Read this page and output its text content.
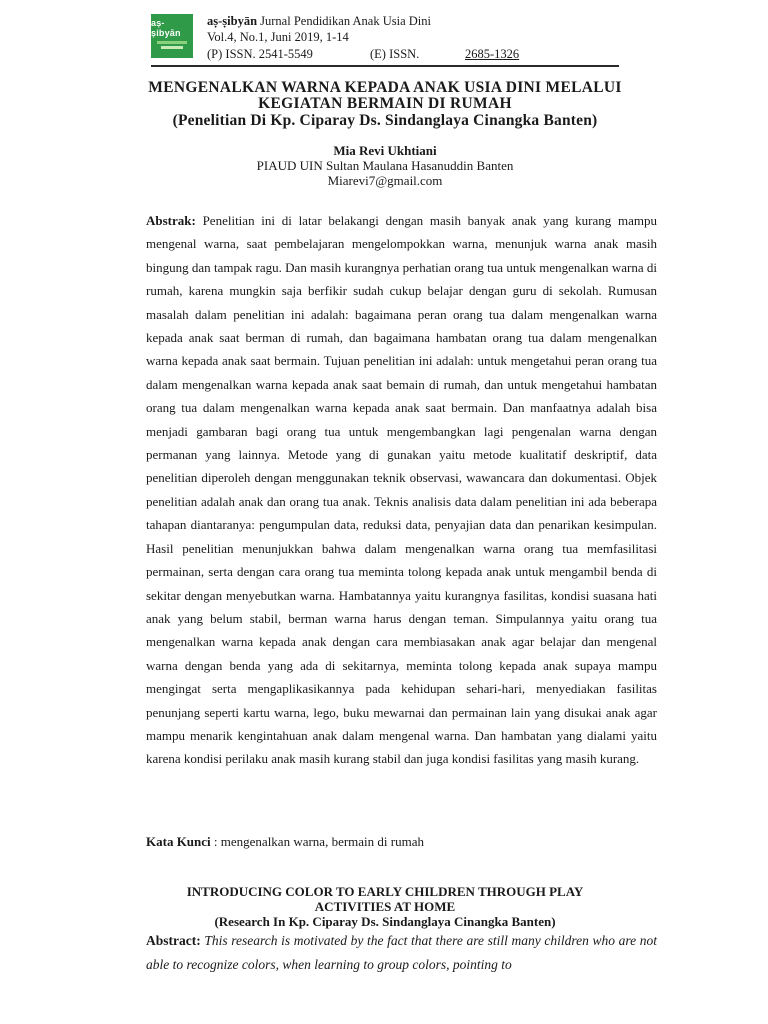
aṣ-ṣibyān
aṣ-ṣibyān Jurnal Pendidikan Anak Usia Dini
Vol.4, No.1, Juni 2019, 1-14
(P) ISSN. 2541-5549	(E) ISSN.	2685-1326
MENGENALKAN WARNA KEPADA ANAK USIA DINI MELALUI
KEGIATAN BERMAIN DI RUMAH
(Penelitian Di Kp. Ciparay Ds. Sindanglaya Cinangka Banten)
Mia Revi Ukhtiani
PIAUD UIN Sultan Maulana Hasanuddin Banten
Miarevi7@gmail.com
Abstrak: Penelitian ini di latar belakangi dengan masih banyak anak yang kurang mampu mengenal warna, saat pembelajaran mengelompokkan warna, menunjuk warna anak masih bingung dan tampak ragu. Dan masih kurangnya perhatian orang tua untuk mengenalkan warna di rumah, karena mungkin saja berfikir sudah cukup belajar dengan guru di sekolah. Rumusan masalah dalam penelitian ini adalah: bagaimana peran orang tua dalam mengenalkan warna kepada anak saat berman di rumah, dan bagaimana hambatan orang tua dalam mengenalkan warna kepada anak saat bermain. Tujuan penelitian ini adalah: untuk mengetahui peran orang tua dalam mengenalkan warna kepada anak saat bemain di rumah, dan untuk mengetahui hambatan orang tua dalam mengenalkan warna kepada anak saat bermain. Dan manfaatnya adalah bisa menjadi gambaran bagi orang tua untuk mengembangkan lagi pengenalan warna dengan permanan yang lainnya. Metode yang di gunakan yaitu metode kualitatif deskriptif, data penelitian diperoleh dengan menggunakan teknik observasi, wawancara dan dokumentasi. Objek penelitian adalah anak dan orang tua anak. Teknis analisis data dalam penelitian ini ada beberapa tahapan diantaranya: pengumpulan data, reduksi data, penyajian data dan penarikan kesimpulan. Hasil penelitian menunjukkan bahwa dalam mengenalkan warna orang tua memfasilitasi permainan, serta dengan cara orang tua meminta tolong kepada anak untuk mengambil benda di sekitar dengan menyebutkan warna. Hambatannya yaitu kurangnya fasilitas, kondisi suasana hati anak yang belum stabil, berman warna harus dengan teman. Simpulannya yaitu orang tua mengenalkan warna kepada anak dengan cara membiasakan anak agar belajar dan mengenal warna dengan benda yang ada di sekitarnya, meminta tolong kepada anak supaya mampu mengingat serta mengaplikasikannya pada kehidupan sehari-hari, menyediakan fasilitas penunjang seperti kartu warna, lego, buku mewarnai dan permainan lain yang disukai anak agar mampu menarik kengintahuan anak dalam mengenal warna. Dan hambatan yang dialami yaitu karena kondisi perilaku anak masih kurang stabil dan juga kondisi fasilitas yang masih kurang.
Kata Kunci : mengenalkan warna, bermain di rumah
INTRODUCING COLOR TO EARLY CHILDREN THROUGH PLAY
ACTIVITIES AT HOME
(Research In Kp. Ciparay Ds. Sindanglaya Cinangka Banten)
Abstract: This research is motivated by the fact that there are still many children who are not able to recognize colors, when learning to group colors, pointing to
